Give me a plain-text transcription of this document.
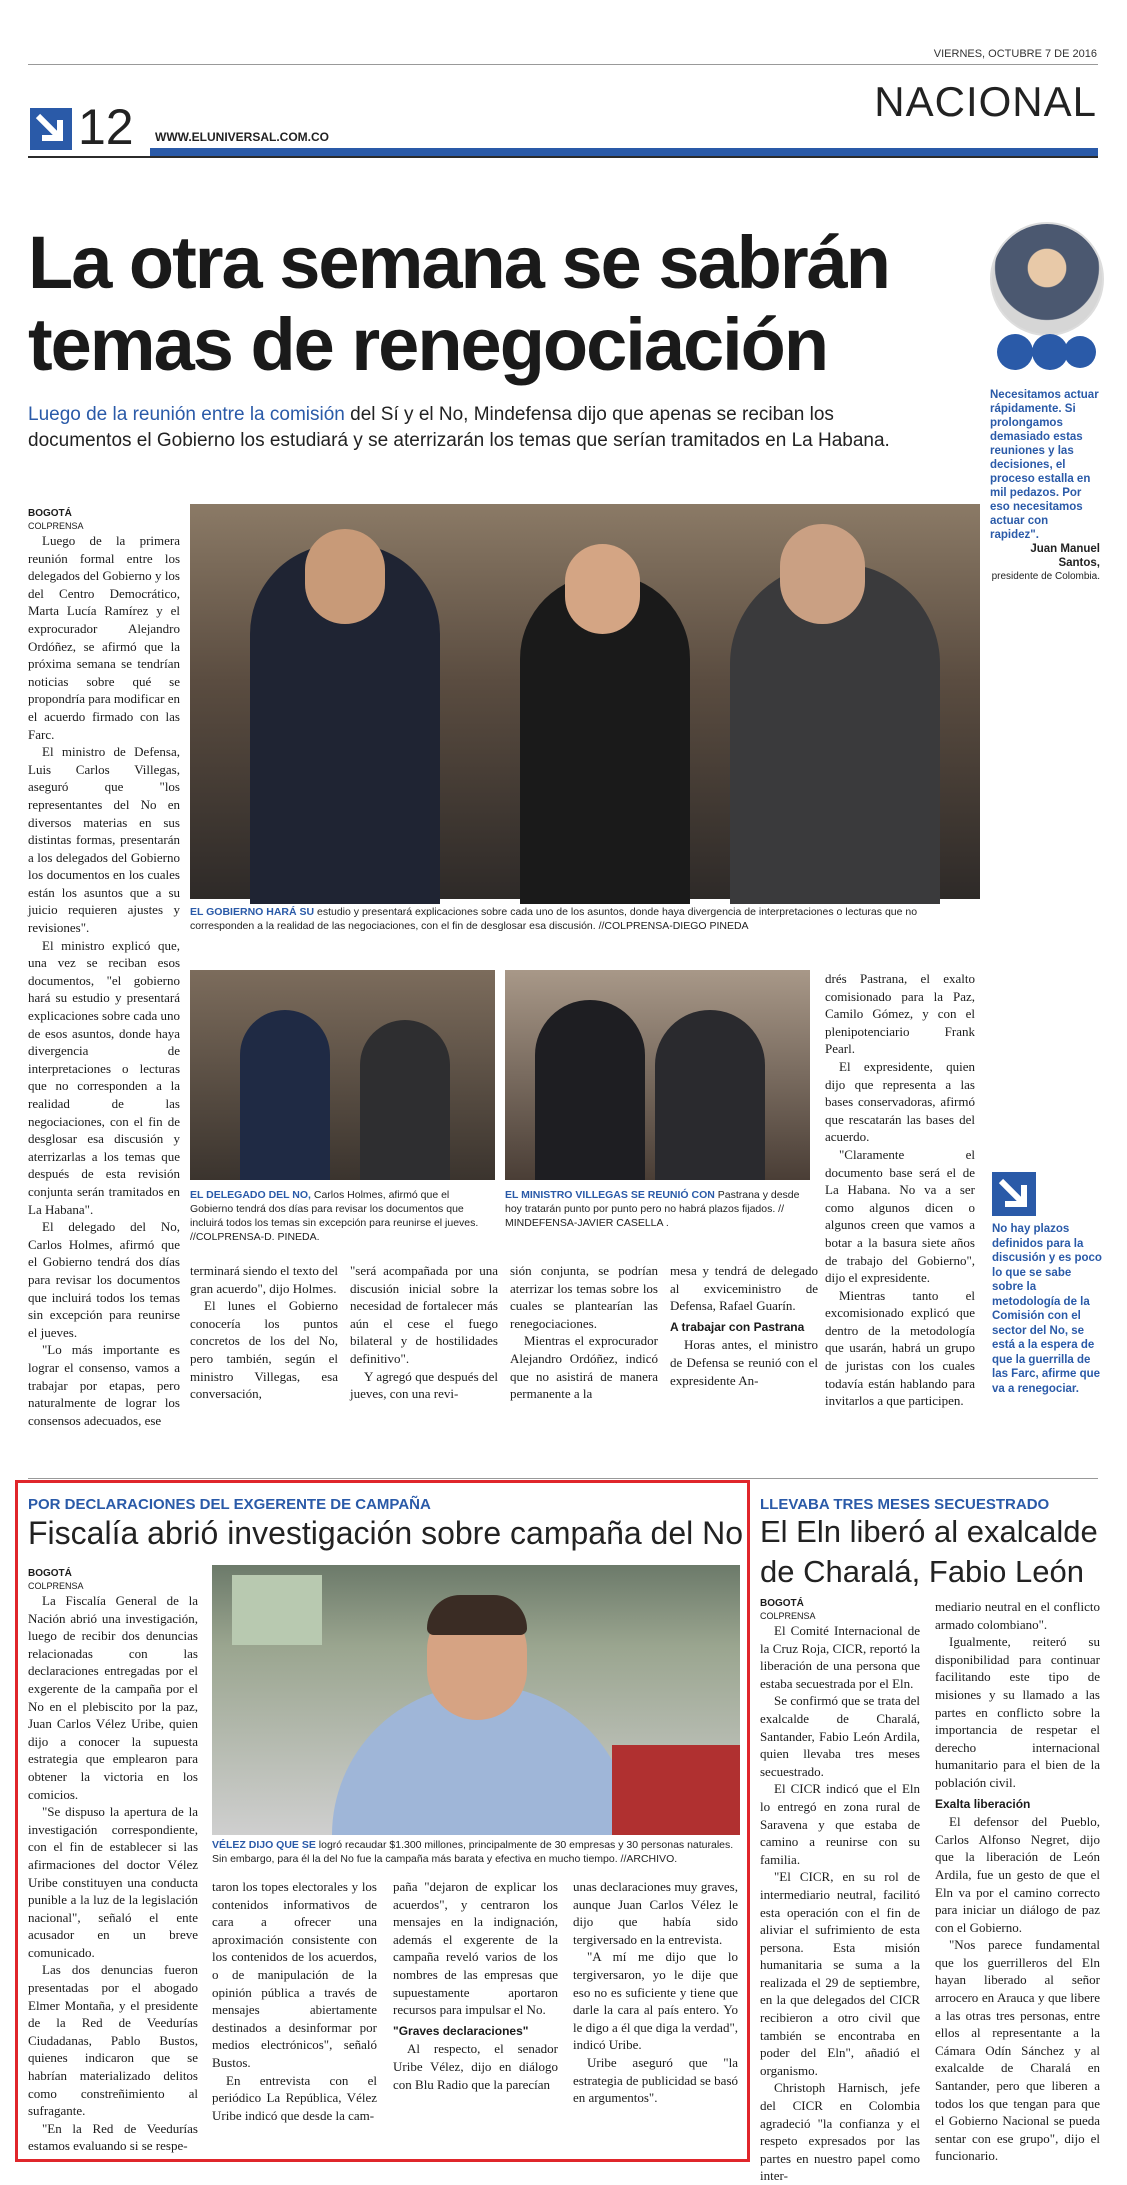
VIERNES, OCTUBRE 7 DE 2016
12 WWW.ELUNIVERSAL.COM.CO
NACIONAL
La otra semana se sabrán
temas de renegociación
Luego de la reunión entre la comisión del Sí y el No, Mindefensa dijo que apenas se reciban los
documentos el Gobierno los estudiará y se aterrizarán los temas que serían tramitados en La Habana.
Necesitamos actuar rápidamente. Si prolongamos demasiado estas reuniones y las decisiones, el proceso estalla en mil pedazos. Por eso necesitamos actuar con rapidez".
Juan Manuel Santos,
presidente de Colombia.

BOGOTÁ

COLPRENSA

Luego de la primera reunión formal entre los delegados del Gobierno y los del Centro Democrático, Marta Lucía Ramírez y el exprocurador Alejandro Ordóñez, se afirmó que la próxima semana se tendrían noticias sobre qué se propondría para modificar en el acuerdo firmado con las Farc.

El ministro de Defensa, Luis Carlos Villegas, aseguró que "los representantes del No en diversos materias en sus distintas formas, presentarán a los delegados del Gobierno los documentos en los cuales están los asuntos que a su juicio requieren ajustes y revisiones".

El ministro explicó que, una vez se reciban esos documentos, "el gobierno hará su estudio y presentará explicaciones sobre cada uno de esos asuntos, donde haya divergencia de interpretaciones o lecturas que no corresponden a la realidad de las negociaciones, con el fin de desglosar esa discusión y aterrizarlas a los temas que después de esta revisión conjunta serán tramitados en La Habana".

El delegado del No, Carlos Holmes, afirmó que el Gobierno tendrá dos días para revisar los documentos que incluirá todos los temas sin excepción para reunirse el jueves.

"Lo más importante es lograr el consenso, vamos a trabajar por etapas, pero naturalmente de lograr los consensos adecuados, ese

EL GOBIERNO HARÁ SU estudio y presentará explicaciones sobre cada uno de los asuntos, donde haya divergencia de interpretaciones o lecturas que no corresponden a la realidad de las negociaciones, con el fin de desglosar esa discusión. //COLPRENSA-DIEGO PINEDA
EL DELEGADO DEL NO, Carlos Holmes, afirmó que el Gobierno tendrá dos días para revisar los documentos que incluirá todos los temas sin excepción para reunirse el jueves. //COLPRENSA-D. PINEDA.
EL MINISTRO VILLEGAS SE REUNIÓ CON Pastrana y desde hoy tratarán punto por punto pero no habrá plazos fijados. // MINDEFENSA-JAVIER CASELLA .

terminará siendo el texto del gran acuerdo", dijo Holmes.

El lunes el Gobierno conocería los puntos concretos de los del No, pero también, según el ministro Villegas, esa conversación,

"será acompañada por una discusión inicial sobre la necesidad de fortalecer más aún el cese el fuego bilateral y de hostilidades definitivo".

Y agregó que después del jueves, con una revi-

sión conjunta, se podrían aterrizar los temas sobre los cuales se plantearían las renegociaciones.

Mientras el exprocurador Alejandro Ordóñez, indicó que no asistirá de manera permanente a la

mesa y tendrá de delegado al exviceministro de Defensa, Rafael Guarín.

A trabajar con Pastrana

Horas antes, el ministro de Defensa se reunió con el expresidente An-

drés Pastrana, el exalto comisionado para la Paz, Camilo Gómez, y con el plenipotenciario Frank Pearl.

El expresidente, quien dijo que representa a las bases conservadoras, afirmó que rescatarán las bases del acuerdo.

"Claramente el documento base será el de La Habana. No va a ser como algunos dicen o algunos creen que vamos a botar a la basura siete años de trabajo del Gobierno", dijo el expresidente.

Mientras tanto el excomisionado explicó que dentro de la metodología que usarán, habrá un grupo de juristas con los cuales todavía están hablando para invitarlos a que participen.

No hay plazos definidos para la discusión y es poco lo que se sabe sobre la metodología de la Comisión con el sector del No, se está a la espera de que la guerrilla de las Farc, afirme que va a renegociar.
POR DECLARACIONES DEL EXGERENTE DE CAMPAÑA
Fiscalía abrió investigación sobre campaña del No

BOGOTÁ

COLPRENSA

La Fiscalía General de la Nación abrió una investigación, luego de recibir dos denuncias relacionadas con las declaraciones entregadas por el exgerente de la campaña por el No en el plebiscito por la paz, Juan Carlos Vélez Uribe, quien dijo a conocer la supuesta estrategia que emplearon para obtener la victoria en los comicios.

"Se dispuso la apertura de la investigación correspondiente, con el fin de establecer si las afirmaciones del doctor Vélez Uribe constituyen una conducta punible a la luz de la legislación nacional", señaló el ente acusador en un breve comunicado.

Las dos denuncias fueron presentadas por el abogado Elmer Montaña, y el presidente de la Red de Veedurías Ciudadanas, Pablo Bustos, quienes indicaron que se habrían materializado delitos como constreñimiento al sufragante.

"En la Red de Veedurías estamos evaluando si se respe-

VÉLEZ DIJO QUE SE logró recaudar $1.300 millones, principalmente de 30 empresas y 30 personas naturales. Sin embargo, para él la del No fue la campaña más barata y efectiva en mucho tiempo. //ARCHIVO.

taron los topes electorales y los contenidos informativos de cara a ofrecer una aproximación consistente con los contenidos de los acuerdos, o de manipulación de la opinión pública a través de mensajes abiertamente destinados a desinformar por medios electrónicos", señaló Bustos.

En entrevista con el periódico La República, Vélez Uribe indicó que desde la cam-

paña "dejaron de explicar los acuerdos", y centraron los mensajes en la indignación, además el exgerente de la campaña reveló varios de los nombres de las empresas que supuestamente aportaron recursos para impulsar el No.

"Graves declaraciones"

Al respecto, el senador Uribe Vélez, dijo en diálogo con Blu Radio que la parecían

unas declaraciones muy graves, aunque Juan Carlos Vélez le dijo que había sido tergiversado en la entrevista.

"A mí me dijo que lo tergiversaron, yo le dije que eso no es suficiente y tiene que darle la cara al país entero. Yo le digo a él que diga la verdad", indicó Uribe.

Uribe aseguró que "la estrategia de publicidad se basó en argumentos".

LLEVABA TRES MESES SECUESTRADO
El Eln liberó al exalcalde
de Charalá, Fabio León

BOGOTÁ

COLPRENSA

El Comité Internacional de la Cruz Roja, CICR, reportó la liberación de una persona que estaba secuestrada por el Eln.

Se confirmó que se trata del exalcalde de Charalá, Santander, Fabio León Ardila, quien llevaba tres meses secuestrado.

El CICR indicó que el Eln lo entregó en zona rural de Saravena y que estaba de camino a reunirse con su familia.

"El CICR, en su rol de intermediario neutral, facilitó esta operación con el fin de aliviar el sufrimiento de esta persona. Esta misión humanitaria se suma a la realizada el 29 de septiembre, en la que delegados del CICR recibieron a otro civil que también se encontraba en poder del Eln", añadió el organismo.

Christoph Harnisch, jefe del CICR en Colombia agradeció "la confianza y el respeto expresados por las partes en nuestro papel como inter-

mediario neutral en el conflicto armado colombiano".

Igualmente, reiteró su disponibilidad para continuar facilitando este tipo de misiones y su llamado a las partes en conflicto sobre la importancia de respetar el derecho internacional humanitario para el bien de la población civil.

Exalta liberación

El defensor del Pueblo, Carlos Alfonso Negret, dijo que la liberación de León Ardila, fue un gesto de que el Eln va por el camino correcto para iniciar un diálogo de paz con el Gobierno.

"Nos parece fundamental que los guerrilleros del Eln hayan liberado al señor arrocero en Arauca y que libere a las otras tres personas, entre ellos al representante a la Cámara Odín Sánchez y al exalcalde de Charalá en Santander, pero que liberen a todos los que tengan para que el Gobierno Nacional se pueda sentar con ese grupo", dijo el funcionario.
